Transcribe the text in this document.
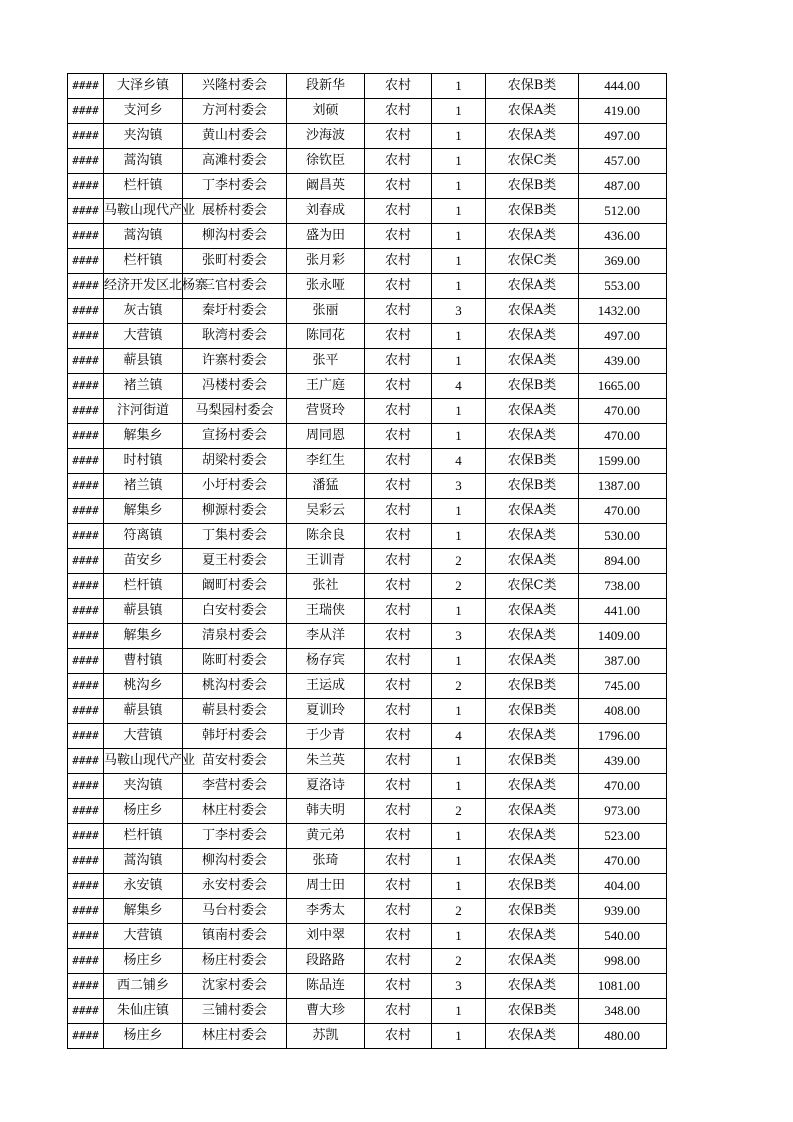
####	大泽乡镇	兴隆村委会	段新华	农村	1	农保B类	444.00
####	支河乡	方河村委会	刘硕	农村	1	农保A类	419.00
####	夹沟镇	黄山村委会	沙海波	农村	1	农保A类	497.00
####	蒿沟镇	高滩村委会	徐钦臣	农村	1	农保C类	457.00
####	栏杆镇	丁李村委会	阚昌英	农村	1	农保B类	487.00
####	马鞍山现代产业	展桥村委会	刘春成	农村	1	农保B类	512.00
####	蒿沟镇	柳沟村委会	盛为田	农村	1	农保A类	436.00
####	栏杆镇	张町村委会	张月彩	农村	1	农保C类	369.00
####	经济开发区北杨寨	三官村委会	张永哑	农村	1	农保A类	553.00
####	灰古镇	秦圩村委会	张丽	农村	3	农保A类	1432.00
####	大营镇	耿湾村委会	陈同花	农村	1	农保A类	497.00
####	蕲县镇	许寨村委会	张平	农村	1	农保A类	439.00
####	褚兰镇	冯楼村委会	王广庭	农村	4	农保B类	1665.00
####	汴河街道	马梨园村委会	营贤玲	农村	1	农保A类	470.00
####	解集乡	宣扬村委会	周同恩	农村	1	农保A类	470.00
####	时村镇	胡梁村委会	李红生	农村	4	农保B类	1599.00
####	褚兰镇	小圩村委会	潘猛	农村	3	农保B类	1387.00
####	解集乡	柳源村委会	吴彩云	农村	1	农保A类	470.00
####	符离镇	丁集村委会	陈余良	农村	1	农保A类	530.00
####	苗安乡	夏王村委会	王训青	农村	2	农保A类	894.00
####	栏杆镇	阚町村委会	张社	农村	2	农保C类	738.00
####	蕲县镇	白安村委会	王瑞侠	农村	1	农保A类	441.00
####	解集乡	清泉村委会	李从洋	农村	3	农保A类	1409.00
####	曹村镇	陈町村委会	杨存宾	农村	1	农保A类	387.00
####	桃沟乡	桃沟村委会	王运成	农村	2	农保B类	745.00
####	蕲县镇	蕲县村委会	夏训玲	农村	1	农保B类	408.00
####	大营镇	韩圩村委会	于少青	农村	4	农保A类	1796.00
####	马鞍山现代产业	苗安村委会	朱兰英	农村	1	农保B类	439.00
####	夹沟镇	李营村委会	夏洛诗	农村	1	农保A类	470.00
####	杨庄乡	林庄村委会	韩夫明	农村	2	农保A类	973.00
####	栏杆镇	丁李村委会	黄元弟	农村	1	农保A类	523.00
####	蒿沟镇	柳沟村委会	张琦	农村	1	农保A类	470.00
####	永安镇	永安村委会	周士田	农村	1	农保B类	404.00
####	解集乡	马台村委会	李秀太	农村	2	农保B类	939.00
####	大营镇	镇南村委会	刘中翠	农村	1	农保A类	540.00
####	杨庄乡	杨庄村委会	段路路	农村	2	农保A类	998.00
####	西二铺乡	沈家村委会	陈品连	农村	3	农保A类	1081.00
####	朱仙庄镇	三铺村委会	曹大珍	农村	1	农保B类	348.00
####	杨庄乡	林庄村委会	苏凯	农村	1	农保A类	480.00
